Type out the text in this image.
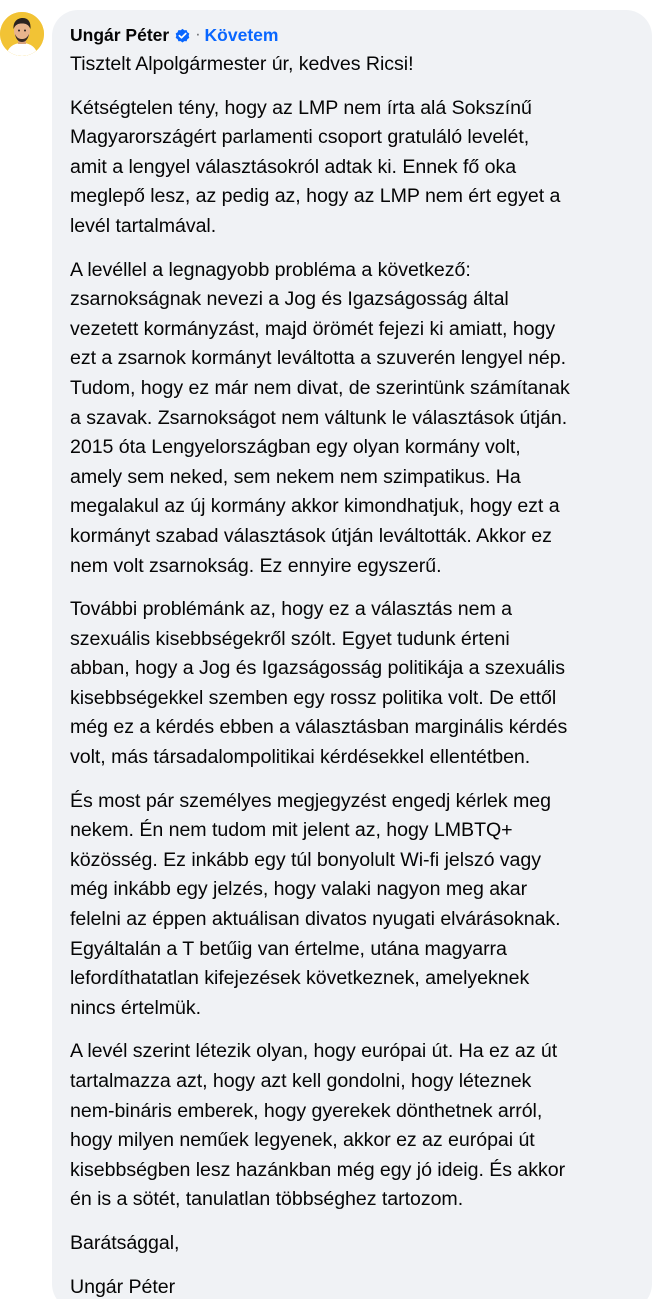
Ungár Péter · Követem

Tisztelt Alpolgármester úr, kedves Ricsi!

Kétségtelen tény, hogy az LMP nem írta alá Sokszínű
Magyarországért parlamenti csoport gratuláló levelét,
amit a lengyel választásokról adtak ki. Ennek fő oka
meglepő lesz, az pedig az, hogy az LMP nem ért egyet a
levél tartalmával.

A levéllel a legnagyobb probléma a következő:
zsarnokságnak nevezi a Jog és Igazságosság által
vezetett kormányzást, majd örömét fejezi ki amiatt, hogy
ezt a zsarnok kormányt leváltotta a szuverén lengyel nép.
Tudom, hogy ez már nem divat, de szerintünk számítanak
a szavak. Zsarnokságot nem váltunk le választások útján.
2015 óta Lengyelországban egy olyan kormány volt,
amely sem neked, sem nekem nem szimpatikus. Ha
megalakul az új kormány akkor kimondhatjuk, hogy ezt a
kormányt szabad választások útján leváltották. Akkor ez
nem volt zsarnokság. Ez ennyire egyszerű.

További problémánk az, hogy ez a választás nem a
szexuális kisebbségekről szólt. Egyet tudunk érteni
abban, hogy a Jog és Igazságosság politikája a szexuális
kisebbségekkel szemben egy rossz politika volt. De ettől
még ez a kérdés ebben a választásban marginális kérdés
volt, más társadalompolitikai kérdésekkel ellentétben.

És most pár személyes megjegyzést engedj kérlek meg
nekem. Én nem tudom mit jelent az, hogy LMBTQ+
közösség. Ez inkább egy túl bonyolult Wi-fi jelszó vagy
még inkább egy jelzés, hogy valaki nagyon meg akar
felelni az éppen aktuálisan divatos nyugati elvárásoknak.
Egyáltalán a T betűig van értelme, utána magyarra
lefordíthatatlan kifejezések következnek, amelyeknek
nincs értelmük.

A levél szerint létezik olyan, hogy európai út. Ha ez az út
tartalmazza azt, hogy azt kell gondolni, hogy léteznek
nem-bináris emberek, hogy gyerekek dönthetnek arról,
hogy milyen neműek legyenek, akkor ez az európai út
kisebbségben lesz hazánkban még egy jó ideig. És akkor
én is a sötét, tanulatlan többséghez tartozom.

Barátsággal,

Ungár Péter
